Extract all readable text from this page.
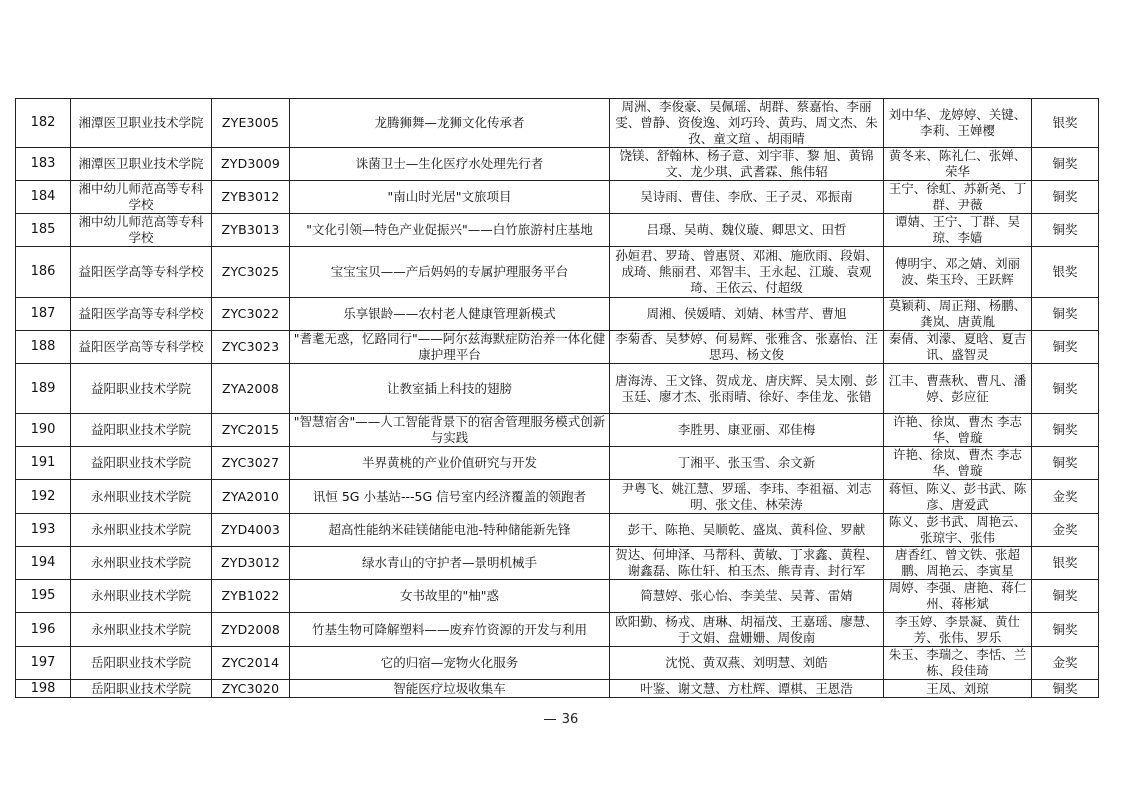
182	湘潭医卫职业技术学院	ZYE3005	龙腾狮舞—龙狮文化传承者	周洲、李俊豪、吴佩瑶、胡群、蔡嘉怡、李丽雯、曾静、资俊逸、刘巧玲、黄玙、周文杰、朱孜、童文瑄 、胡雨晴	刘中华、龙婷婷、关键、李莉、王婵樱	银奖
183	湘潭医卫职业技术学院	ZYD3009	诛菌卫士—生化医疗水处理先行者	饶镁、舒翰林、杨子意、刘宇菲、黎 旭、黄锦文、龙少琪、武耆霖、熊伟轺	黄冬来、陈礼仁、张婵、荣华	铜奖
184	湘中幼儿师范高等专科学校	ZYB3012	"南山时光居"文旅项目	吴诗雨、曹佳、李欣、王子灵、邓振南	王宁、徐虹、苏新尧、丁群、尹薇	铜奖
185	湘中幼儿师范高等专科学校	ZYB3013	"文化引领—特色产业促振兴"——白竹旅游村庄基地	吕璟、吴萌、魏仪璇、卿思文、田哲	谭婧、王宁、丁群、吴琼、李嫱	铜奖
186	益阳医学高等专科学校	ZYC3025	宝宝宝贝——产后妈妈的专属护理服务平台	孙姮君、罗琦、曾惠贤、邓湘、施欣雨、段娟、成琦、熊丽君、邓智丰、王永起、江璇、袁观琦、王依云、付超级	傅明宇、邓之婧、刘丽波、柴玉玲、王跃辉	银奖
187	益阳医学高等专科学校	ZYC3022	乐享银龄——农村老人健康管理新模式	周湘、侯媛晴、刘婧、林雪芹、曹旭	莫颖莉、周正翔、杨鹏、龚岚、唐黄胤	铜奖
188	益阳医学高等专科学校	ZYC3023	"耆耄无惑，忆路同行"——阿尔兹海默症防治养一体化健康护理平台	李菊香、吴梦婷、何易辉、张雅含、张嘉怡、汪思玛、杨文俊	秦倩、刘濛、夏晗、夏吉讯、盛智灵	铜奖
189	益阳职业技术学院	ZYA2008	让教室插上科技的翅膀	唐海涛、王文锋、贺成龙、唐庆辉、吴太刚、彭玉廷、廖才杰、张雨晴、徐好、李佳龙、张错	江丰、曹燕秋、曹凡、潘婷、彭应征	铜奖
190	益阳职业技术学院	ZYC2015	"智慧宿舍"——人工智能背景下的宿舍管理服务模式创新与实践	李胜男、康亚丽、邓佳梅	许艳、徐岚、曹杰 李志华、曾璇	铜奖
191	益阳职业技术学院	ZYC3027	半界黄桃的产业价值研究与开发	丁湘平、张玉雪、余文新	许艳、徐岚、曹杰 李志华、曾璇	铜奖
192	永州职业技术学院	ZYA2010	讯恒 5G 小基站---5G 信号室内经济覆盖的领跑者	尹粤飞、姚江慧、罗瑶、李玮、李祖福、刘志明、张文佳、林荣涛	蒋恒、陈义、彭书武、陈彦、唐爱武	金奖
193	永州职业技术学院	ZYD4003	超高性能纳米硅镁储能电池-特种储能新先锋	彭干、陈艳、吴顺乾、盛岚、黄科俭、罗献	陈义、彭书武、周艳云、张琼宇、张伟	金奖
194	永州职业技术学院	ZYD3012	绿水青山的守护者—景明机械手	贺达、何坤泽、马帮科、黄敏、丁求鑫、黄程、谢鑫磊、陈仕轩、柏玉杰、熊青青、封行军	唐香红、曾文铁、张超鹏、周艳云、李寅星	银奖
195	永州职业技术学院	ZYB1022	女书故里的"柚"惑	简慧婷、张心怡、李美莹、吴菁、雷婧	周婷、李强、唐艳、蒋仁州、蒋彬斌	铜奖
196	永州职业技术学院	ZYD2008	竹基生物可降解塑料——废弃竹资源的开发与利用	欧阳勤、杨戎、唐琳、胡福茂、王嘉瑶、廖慧、于文娟、盘姗姗、周俊南	李玉婷、李景凝、黄仕芳、张伟、罗乐	铜奖
197	岳阳职业技术学院	ZYC2014	它的归宿—宠物火化服务	沈悦、黄双燕、刘明慧、刘皓	朱玉、李瑞之、李恬、兰栋、段佳琦	金奖
198	岳阳职业技术学院	ZYC3020	智能医疗垃圾收集车	叶鉴、谢文慧、方杜辉、谭棋、王恩浩	王凤、刘琼	铜奖
36
